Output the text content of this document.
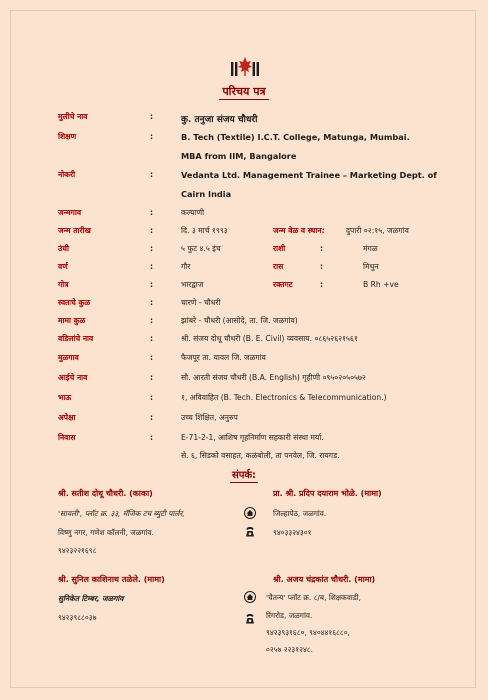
परिचय पत्र
मुलीचे नाव	:	कु. तनुजा संजय चौधरी
शिक्षण	:	B. Tech (Textile) I.C.T. College, Matunga, Mumbai.
MBA from IIM, Bangalore
नोकरी	:	Vedanta Ltd. Management Trainee – Marketing Dept. of
Cairn India
जन्मगाव	:	कल्याणी
जन्म तारीख	:	दि. ३ मार्च १९९३	जन्म वेळ व स्थान:	दुपारी ०२:१५, जळगांव
उंची	:	५ फुट ४.५ इंच	राशी	:	मंगळ
वर्ण	:	गौर	रास	:	मिथुन
गोत्र	:	भारद्वाज	रक्तगट	:	B Rh +ve
स्वतःचे कुळ	:	चारणे - चौधरी
मामा कुळ	:	झांबरे - चौधरी (आसोदे, ता. जि. जळगांव)
वडिलांचे नाव	:	श्री. संजय दोधू चौधरी (B. E. Civil) व्यवसाय. ०८६५२६२१५६१
मुळगाव	:	फैजपूर ता. यावल जि. जळगांव
आईचे नाव	:	सौ. आरती संजय चौधरी (B.A. English) गृहीणी ०९५०२०५०५७२
भाऊ	:	१, अविवाहित (B. Tech. Electronics & Telecommunication.)
अपेक्षा	:	उच्च शिक्षित, अनुरुप
निवास	:	E-71-2-1, आशिष गृहनिर्माण सहकारी संस्था मर्या.
से. ६, सिडको वसाहत, कळंबोली, ता पनवेल, जि. रायगड.
संपर्क:
श्री. सतीश दोधू चौधरी. (काका)
'सावली', प्लॉट क्र. ३३, मॅजिक टच ब्युटी पार्लर,
विष्णु नगर, गणेश कॉलनी, जळगांव.
९४२३२२१६९८
प्रा. श्री. प्रदिप दयाराम भोळे. (मामा)
जिल्हापेठ, जळगांव.
९४०३३२४३०१
श्री. सुनिल काशिनाथ तळेले. (मामा)
सुनिकेत टिम्बर, जळगांव
९४२३९८८०३७
श्री. अजय चंद्रकांत चौधरी. (मामा)
'चैतन्य' प्लॉट क्र. ८/ब, शिक्षकवाडी,
रिंगरोड, जळगांव.
९४२३९३१६८०, ९४०४४१६८८०,
०२५७ २२३१२४८.
